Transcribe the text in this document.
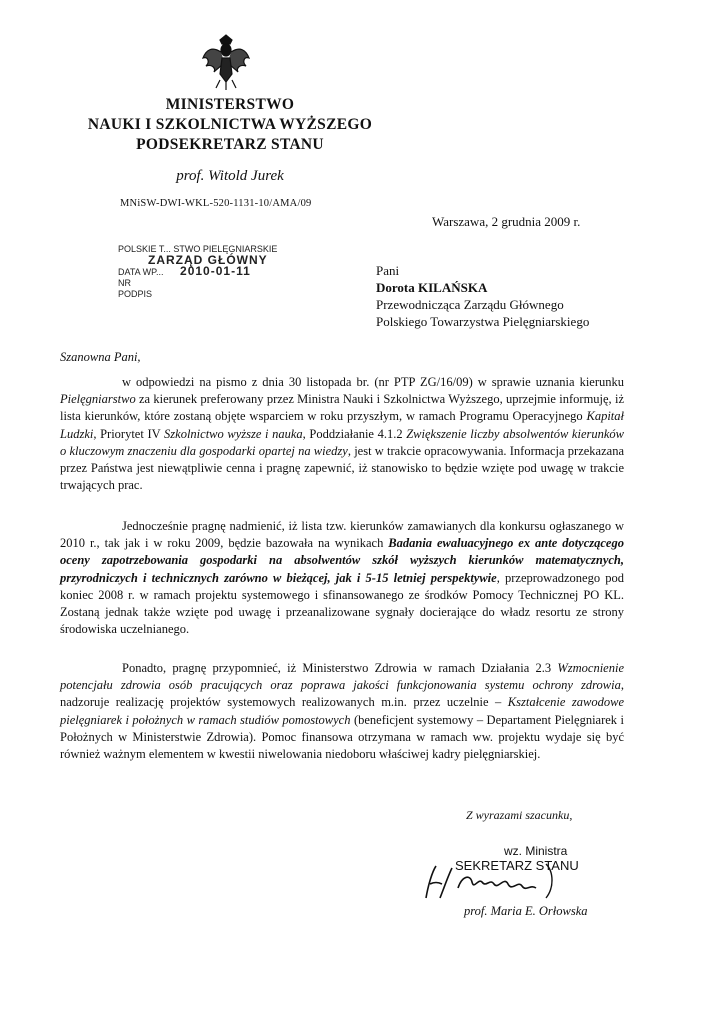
MINISTERSTWO
NAUKI I SZKOLNICTWA WYŻSZEGO
PODSEKRETARZ STANU
prof. Witold Jurek
MNiSW-DWI-WKL-520-1131-10/AMA/09
Warszawa, 2 grudnia 2009 r.
POLSKIE T... STWO PIELĘGNIARSKIE
ZARZĄD GŁÓWNY
DATA WP... 2010-01-11
NR
PODPIS
Pani
Dorota KILAŃSKA
Przewodnicząca Zarządu Głównego
Polskiego Towarzystwa Pielęgniarskiego
Szanowna Pani,

w odpowiedzi na pismo z dnia 30 listopada br. (nr PTP ZG/16/09) w sprawie uznania kierunku Pielęgniarstwo za kierunek preferowany przez Ministra Nauki i Szkolnictwa Wyższego, uprzejmie informuję, iż lista kierunków, które zostaną objęte wsparciem w roku przyszłym, w ramach Programu Operacyjnego Kapitał Ludzki, Priorytet IV Szkolnictwo wyższe i nauka, Poddziałanie 4.1.2 Zwiększenie liczby absolwentów kierunków o kluczowym znaczeniu dla gospodarki opartej na wiedzy, jest w trakcie opracowywania. Informacja przekazana przez Państwa jest niewątpliwie cenna i pragnę zapewnić, iż stanowisko to będzie wzięte pod uwagę w trakcie trwających prac.

Jednocześnie pragnę nadmienić, iż lista tzw. kierunków zamawianych dla konkursu ogłaszanego w 2010 r., tak jak i w roku 2009, będzie bazowała na wynikach Badania ewaluacyjnego ex ante dotyczącego oceny zapotrzebowania gospodarki na absolwentów szkół wyższych kierunków matematycznych, przyrodniczych i technicznych zarówno w bieżącej, jak i 5-15 letniej perspektywie, przeprowadzonego pod koniec 2008 r. w ramach projektu systemowego i sfinansowanego ze środków Pomocy Technicznej PO KL. Zostaną jednak także wzięte pod uwagę i przeanalizowane sygnały docierające do władz resortu ze strony środowiska uczelnianego.

Ponadto, pragnę przypomnieć, iż Ministerstwo Zdrowia w ramach Działania 2.3 Wzmocnienie potencjału zdrowia osób pracujących oraz poprawa jakości funkcjonowania systemu ochrony zdrowia, nadzoruje realizację projektów systemowych realizowanych m.in. przez uczelnie – Kształcenie zawodowe pielęgniarek i położnych w ramach studiów pomostowych (beneficjent systemowy – Departament Pielęgniarek i Położnych w Ministerstwie Zdrowia). Pomoc finansowa otrzymana w ramach ww. projektu wydaje się być również ważnym elementem w kwestii niwelowania niedoboru właściwej kadry pielęgniarskiej.

Z wyrazami szacunku,
wz. Ministra
SEKRETARZ STANU
prof. Maria E. Orłowska
